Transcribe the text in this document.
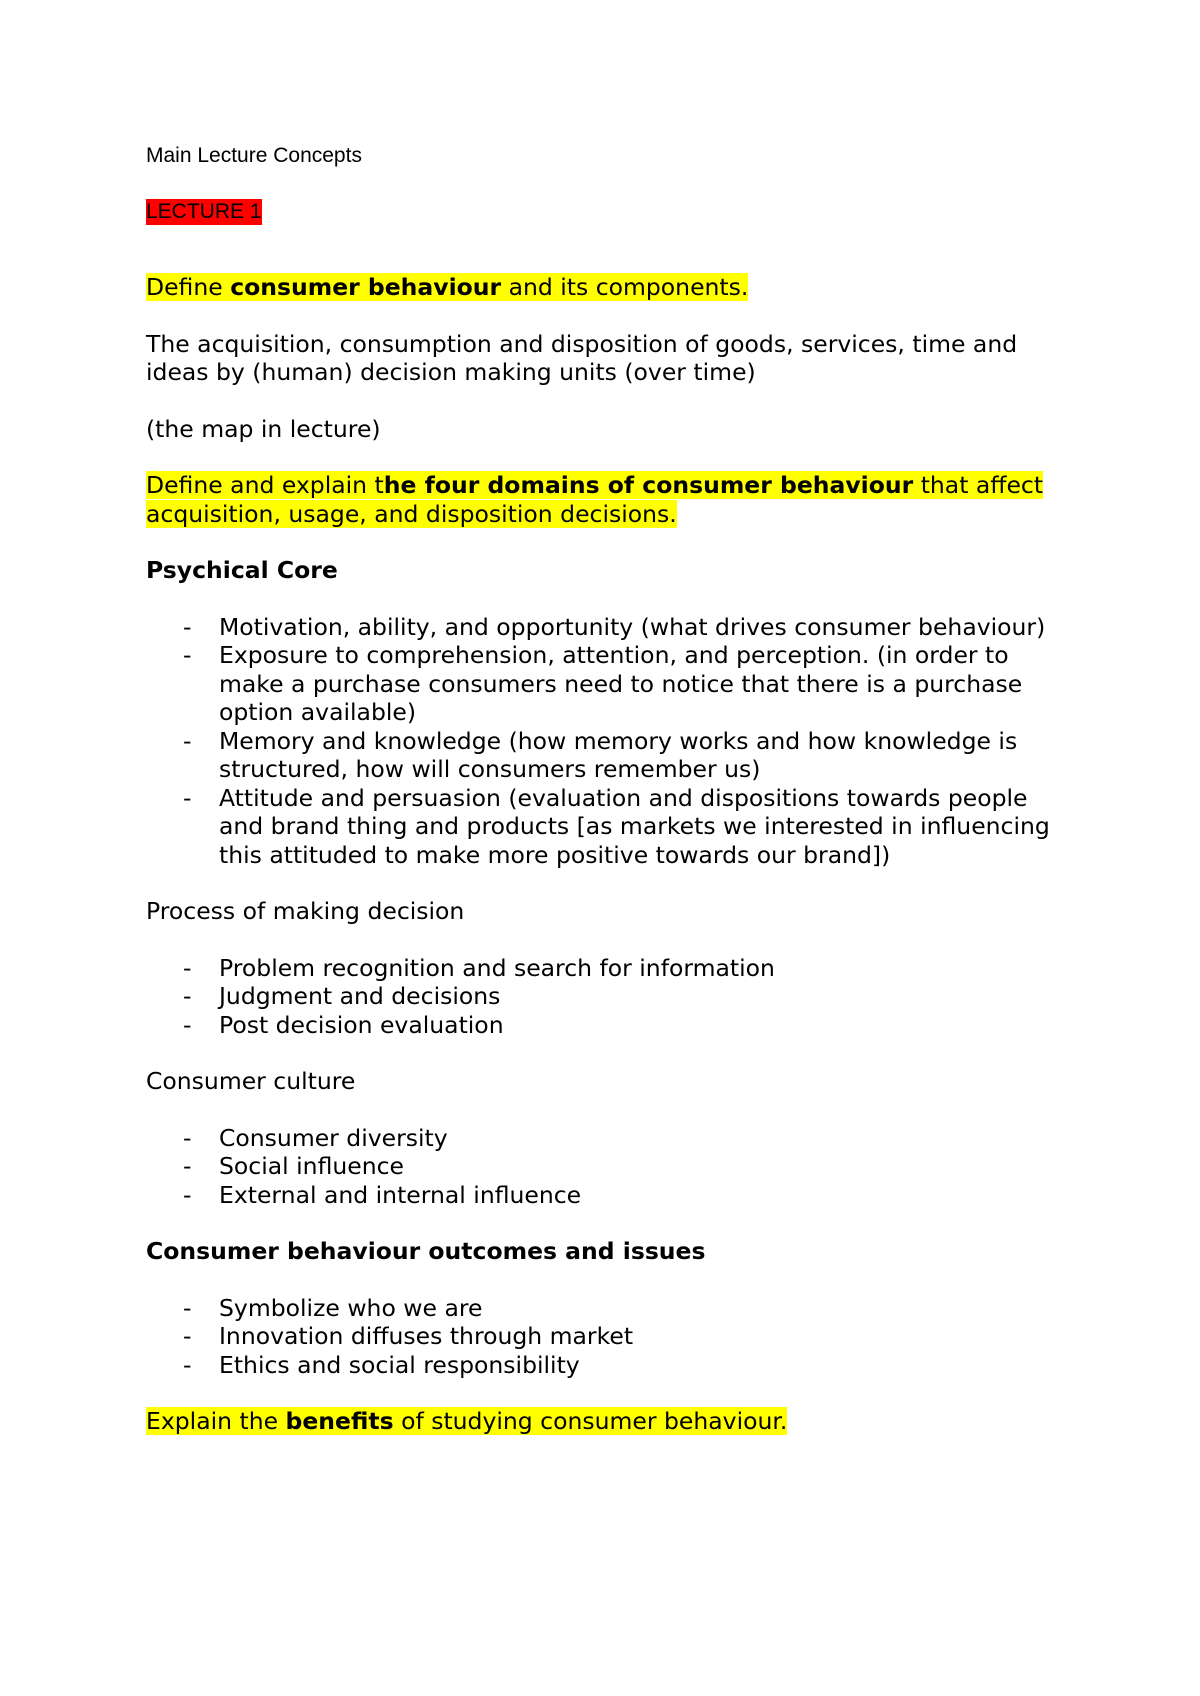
Main Lecture Concepts
LECTURE 1

Define consumer behaviour and its components.

The acquisition, consumption and disposition of goods, services, time and ideas by (human) decision making units (over time)

(the map in lecture)

Define and explain the four domains of consumer behaviour that affect acquisition, usage, and disposition decisions.

Psychical Core

- Motivation, ability, and opportunity (what drives consumer behaviour)
- Exposure to comprehension, attention, and perception. (in order to make a purchase consumers need to notice that there is a purchase option available)
- Memory and knowledge (how memory works and how knowledge is structured, how will consumers remember us)
- Attitude and persuasion (evaluation and dispositions towards people and brand thing and products [as markets we interested in influencing this attituded to make more positive towards our brand])

Process of making decision

- Problem recognition and search for information
- Judgment and decisions
- Post decision evaluation

Consumer culture

- Consumer diversity
- Social influence
- External and internal influence

Consumer behaviour outcomes and issues

- Symbolize who we are
- Innovation diffuses through market
- Ethics and social responsibility

Explain the benefits of studying consumer behaviour.
